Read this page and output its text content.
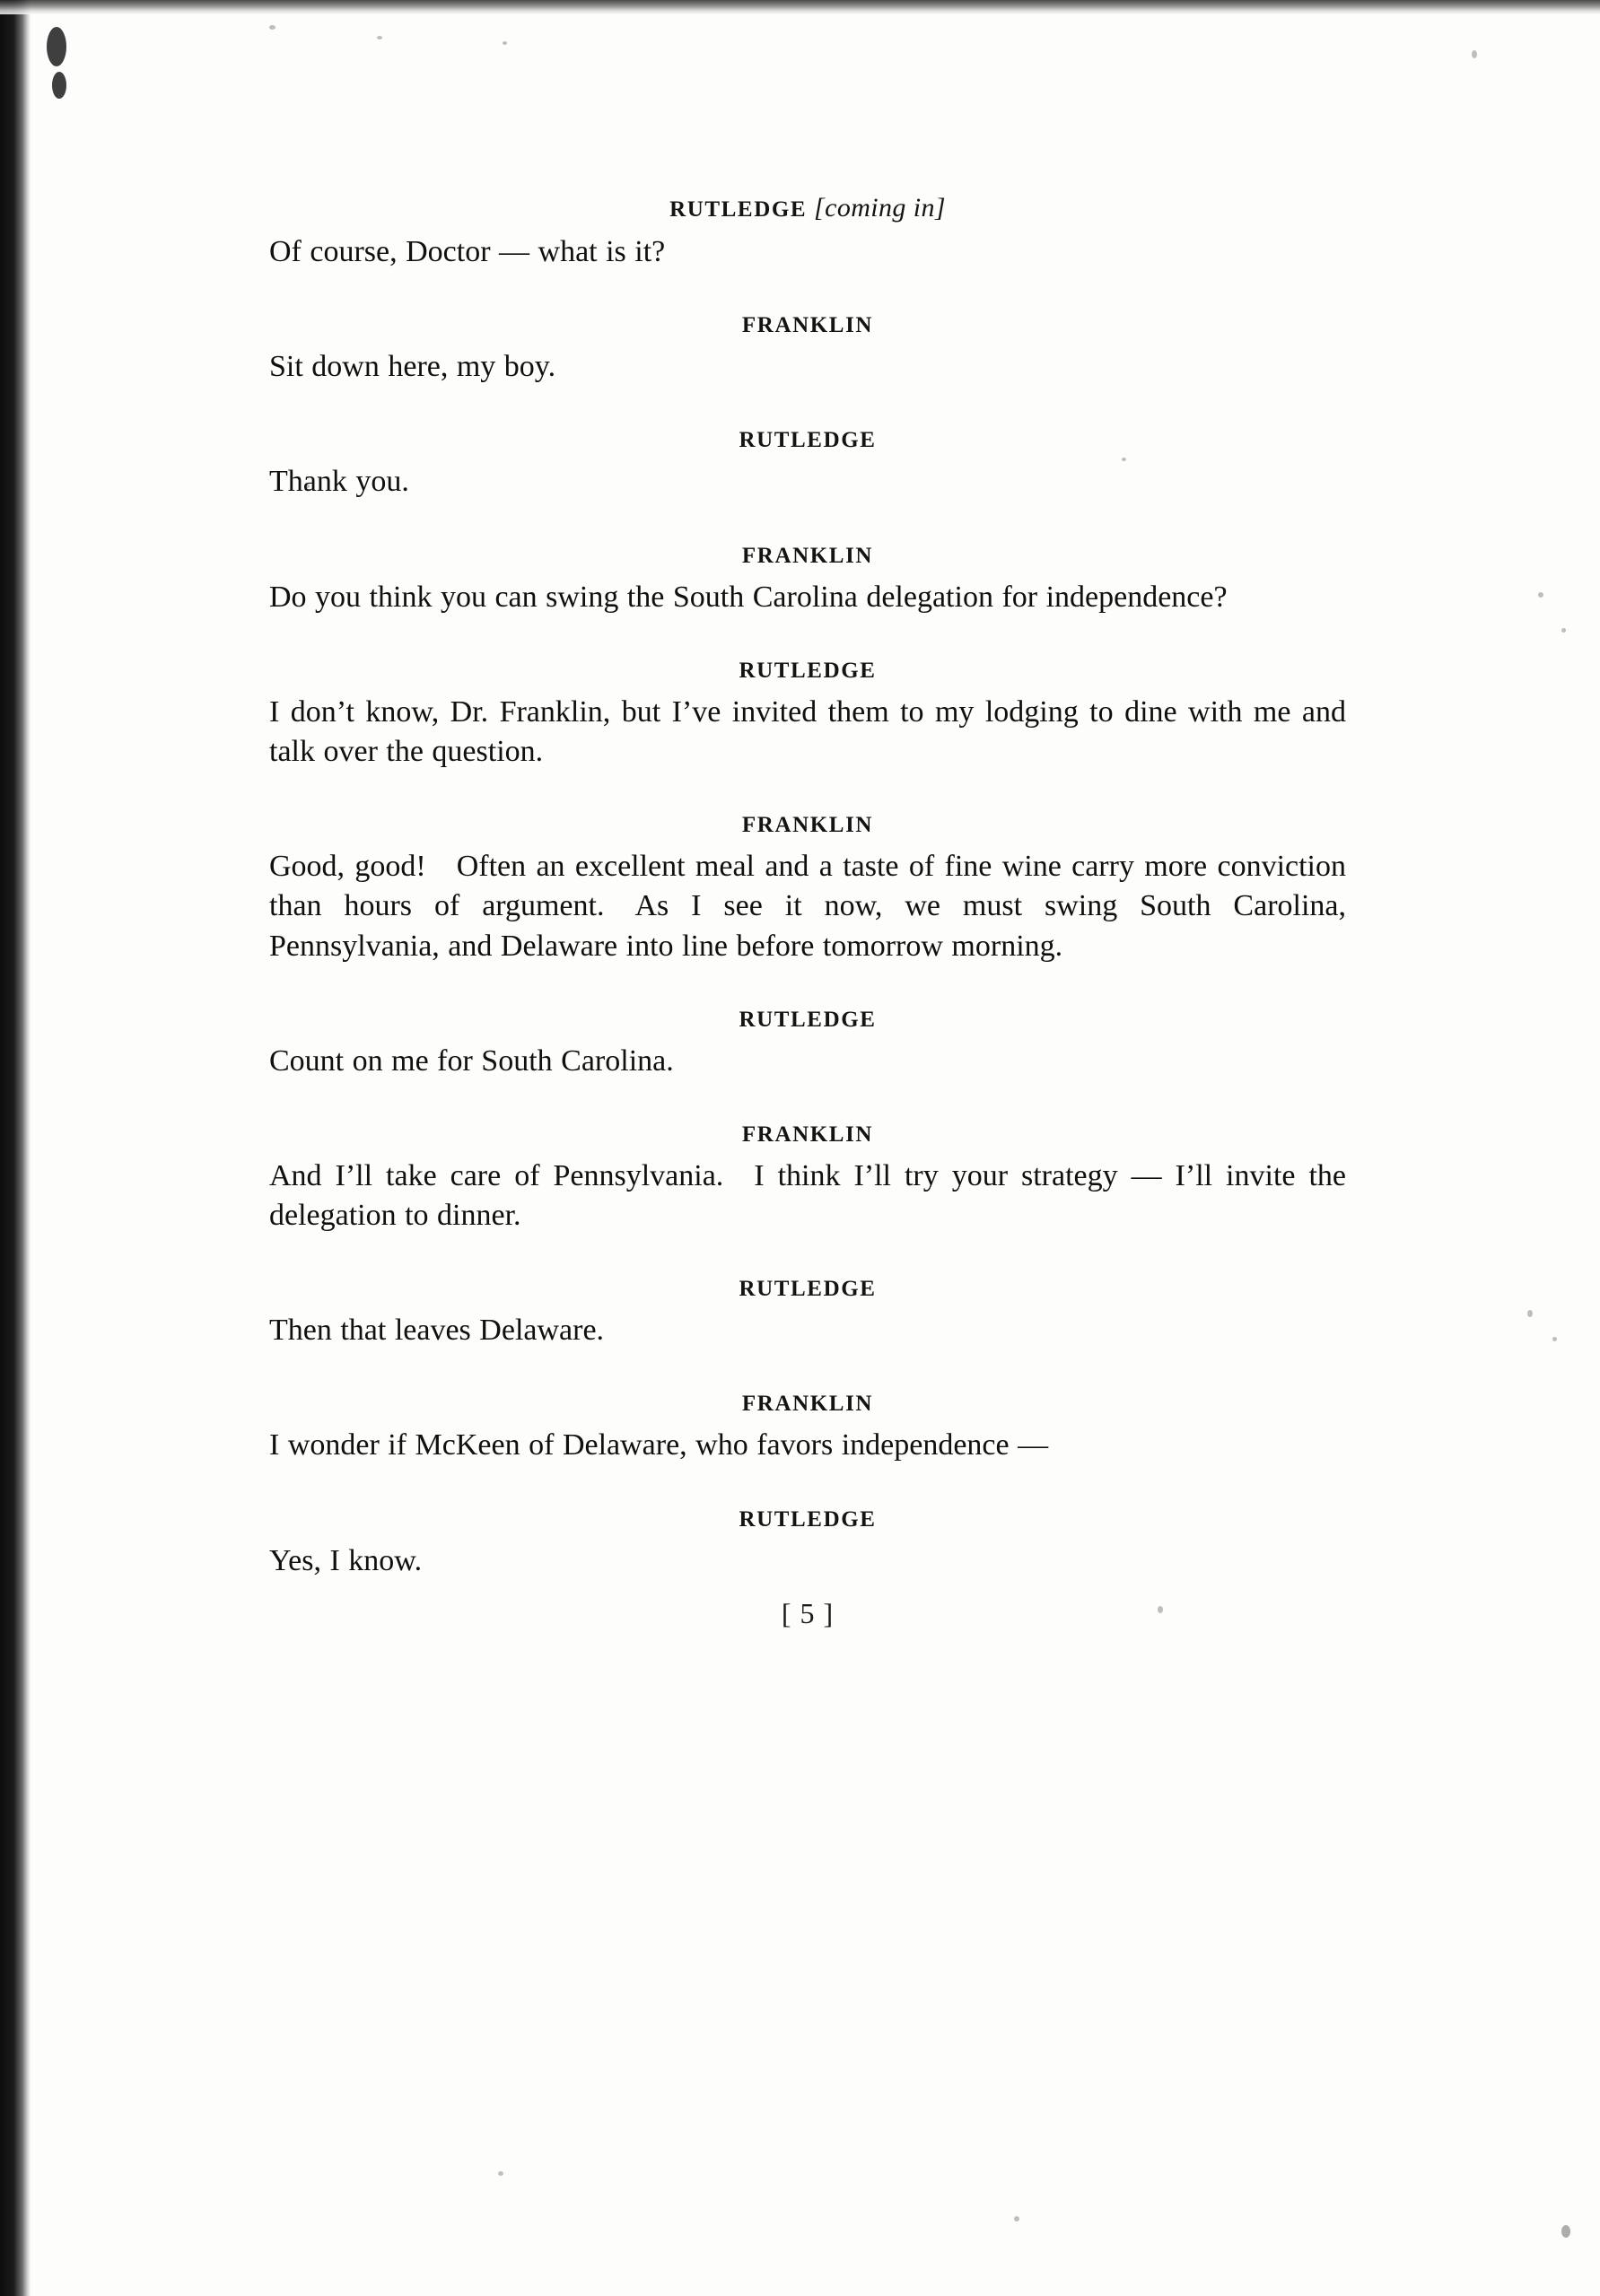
RUTLEDGE [coming in]

Of course, Doctor — what is it?

FRANKLIN

Sit down here, my boy.

RUTLEDGE

Thank you.

FRANKLIN

Do you think you can swing the South Carolina delegation for independence?

RUTLEDGE

I don’t know, Dr. Franklin, but I’ve invited them to my lodging to dine with me and talk over the question.

FRANKLIN

Good, good! Often an excellent meal and a taste of fine wine carry more conviction than hours of argument. As I see it now, we must swing South Carolina, Pennsylvania, and Delaware into line before tomorrow morning.

RUTLEDGE

Count on me for South Carolina.

FRANKLIN

And I’ll take care of Pennsylvania. I think I’ll try your strategy — I’ll invite the delegation to dinner.

RUTLEDGE

Then that leaves Delaware.

FRANKLIN

I wonder if McKeen of Delaware, who favors independence —

RUTLEDGE

Yes, I know.

[ 5 ]
